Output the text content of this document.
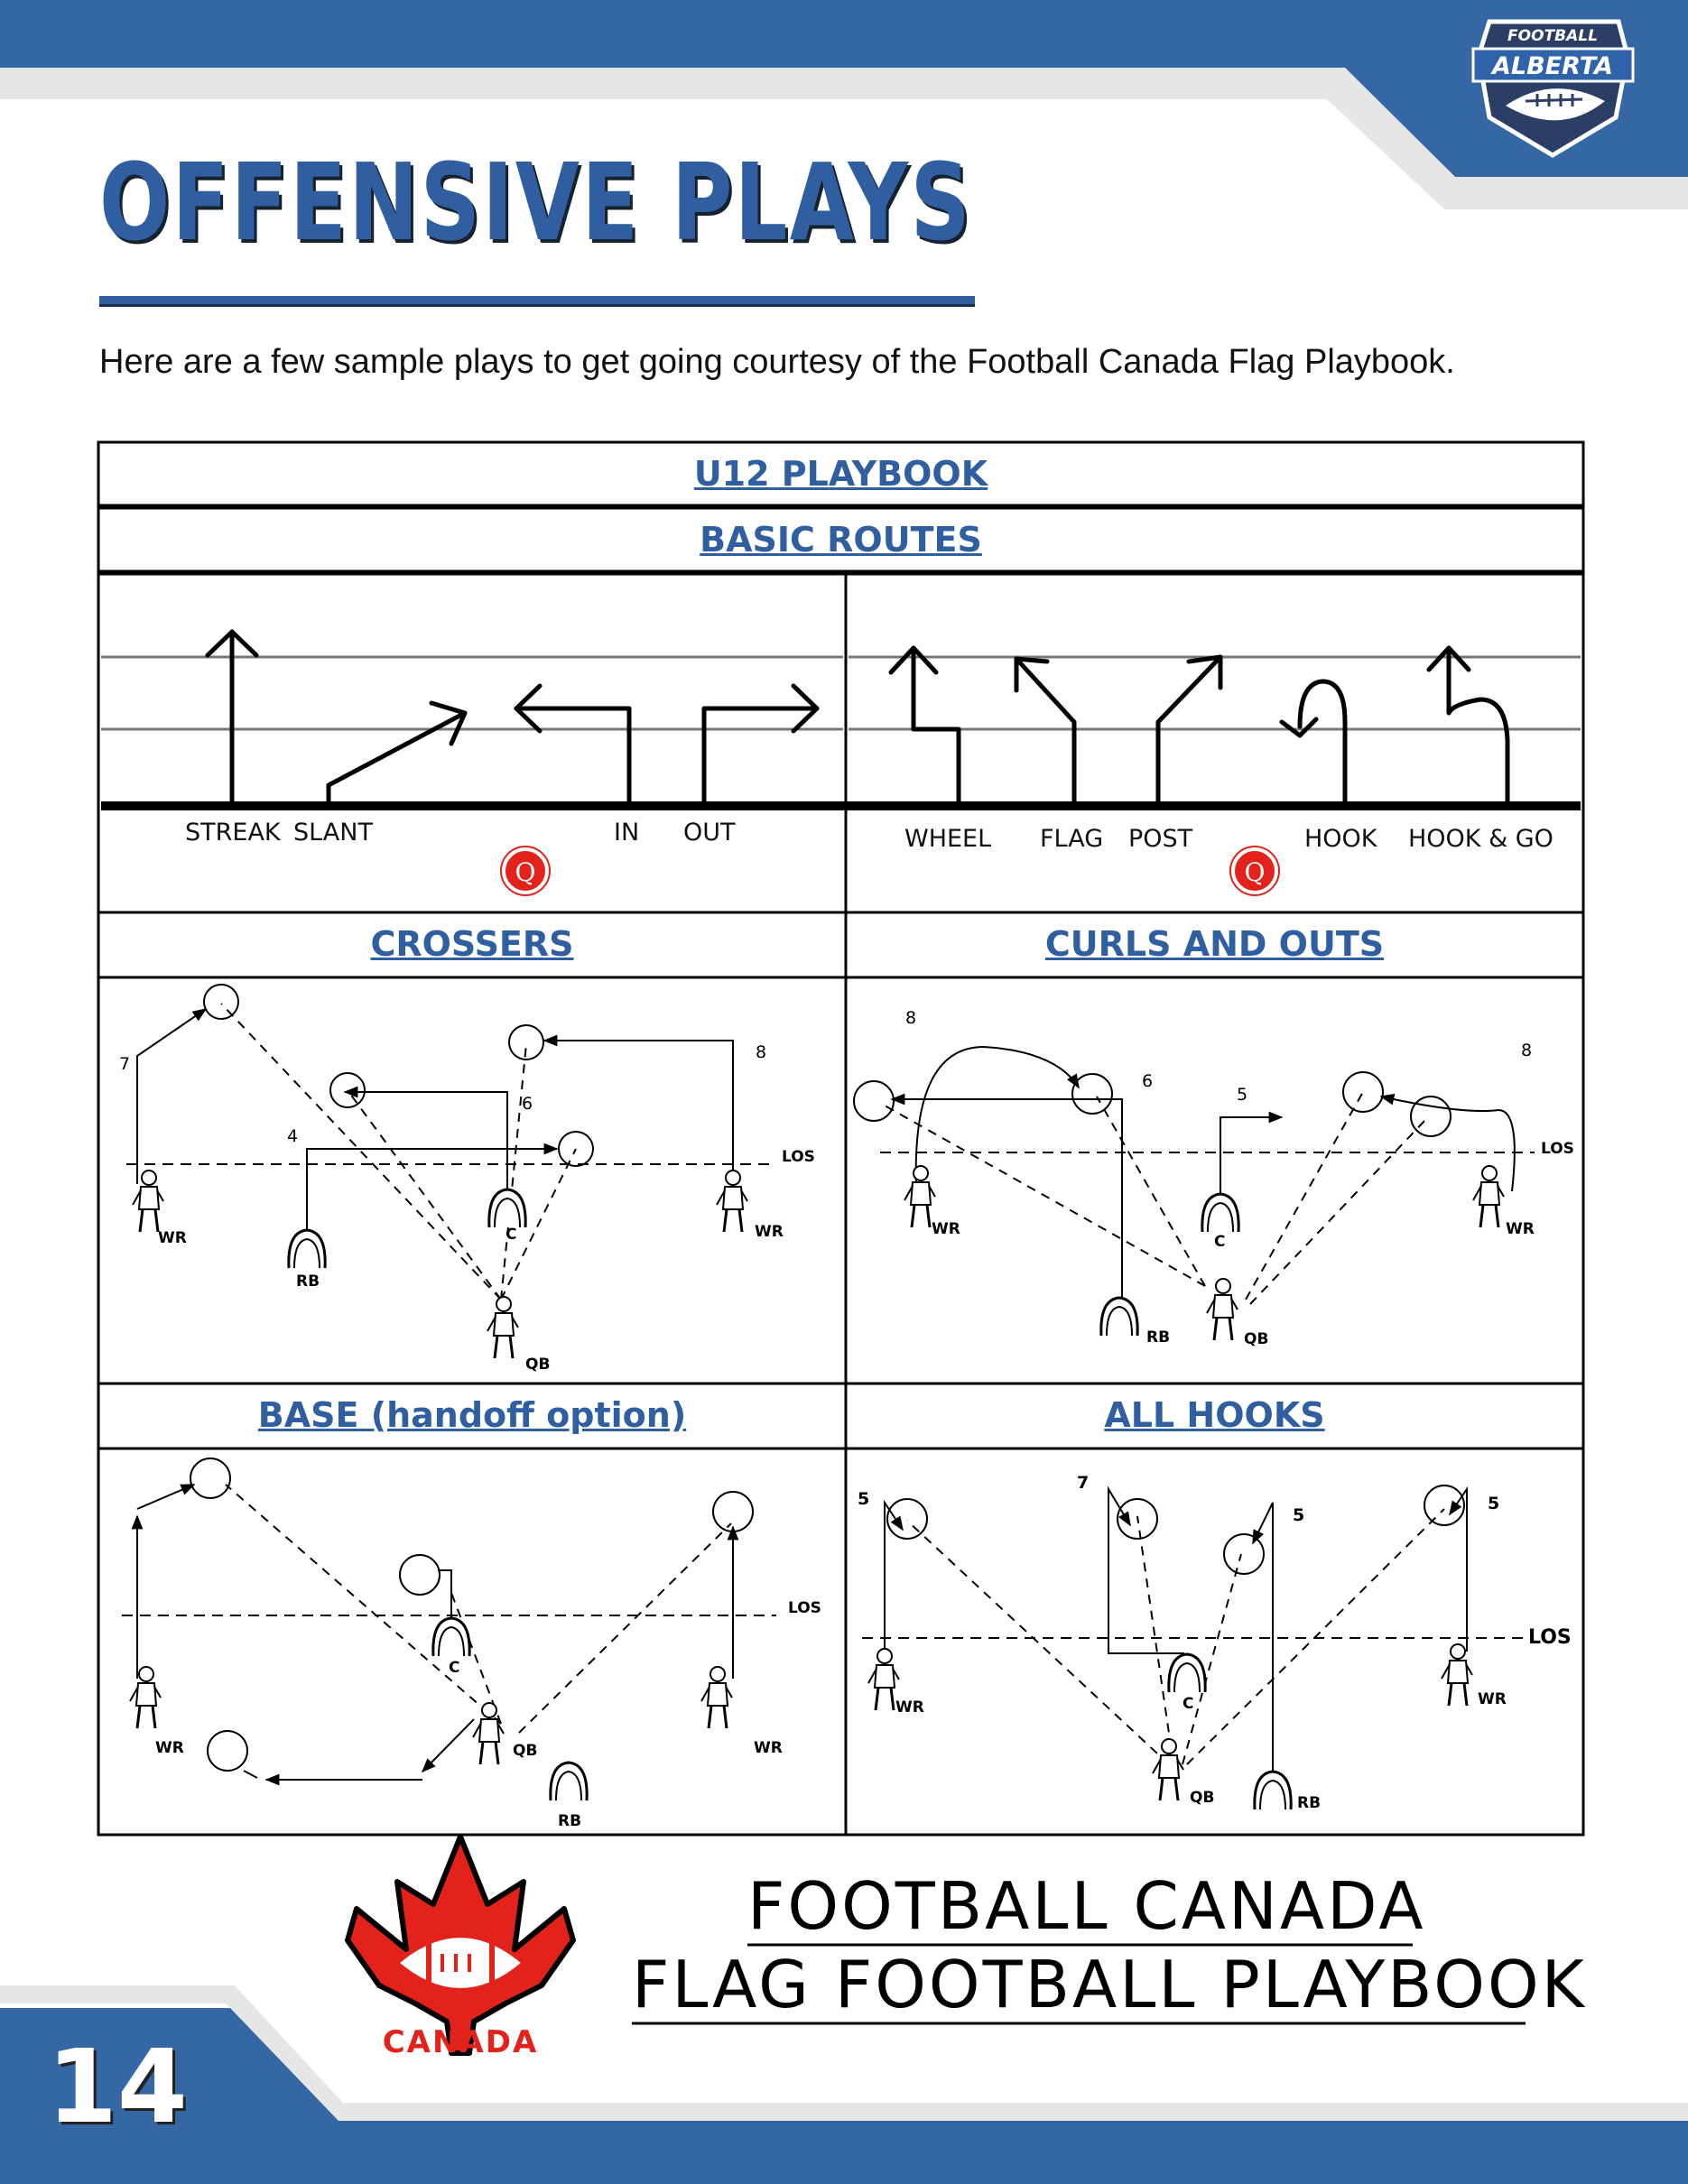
FOOTBALL
ALBERTA
OFFENSIVE PLAYS
Here are a few sample plays to get going courtesy of the Football Canada Flag Playbook.
Q	Q
U12 PLAYBOOK
BASIC ROUTES
STREAK SLANT	IN OUT	WHEEL FLAG POST	HOOK HOOK & GO
CROSSERS	CURLS AND OUTS
BASE (handoff option)	ALL HOOKS
7
4
6
8
LOS
WR
RB
C	WR
QB
8
6
5
8
LOS
WR
C
WR
RB	QB
LOS
WR
C
QB	WR
RB
5
7
5
5
LOS
WR	C	WR
QB	RB
CANADA
FOOTBALL CANADA
FLAG FOOTBALL PLAYBOOK
14
